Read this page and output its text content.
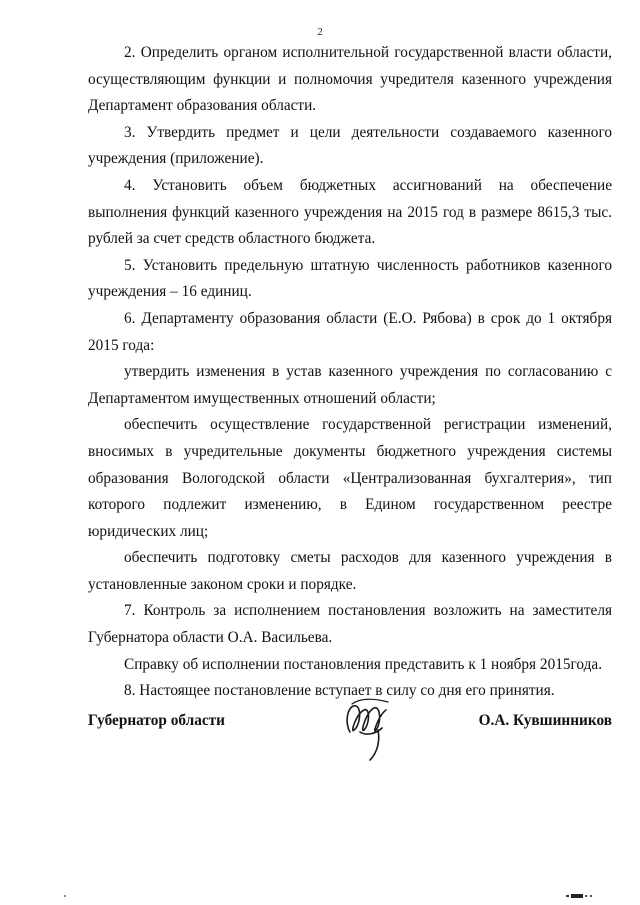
2

2. Определить органом исполнительной государственной власти области, осуществляющим функции и полномочия учредителя казенного учреждения Департамент образования области.

3. Утвердить предмет и цели деятельности создаваемого казенного учреждения (приложение).

4. Установить объем бюджетных ассигнований на обеспечение выполнения функций казенного учреждения на 2015 год в размере 8615,3 тыс. рублей за счет средств областного бюджета.

5. Установить предельную штатную численность работников казенного учреждения – 16 единиц.

6. Департаменту образования области (Е.О. Рябова) в срок до 1 октября 2015 года:

утвердить изменения в устав казенного учреждения по согласованию с Департаментом имущественных отношений области;

обеспечить осуществление государственной регистрации изменений, вносимых в учредительные документы бюджетного учреждения системы образования Вологодской области «Централизованная бухгалтерия», тип которого подлежит изменению, в Едином государственном реестре юридических лиц;

обеспечить подготовку сметы расходов для казенного учреждения в установленные законом сроки и порядке.

7. Контроль за исполнением постановления возложить на заместителя Губернатора области О.А. Васильева.

Справку об исполнении постановления представить к 1 ноября 2015года.

8. Настоящее постановление вступает в силу со дня его принятия.

Губернатор области	О.А. Кувшинников
